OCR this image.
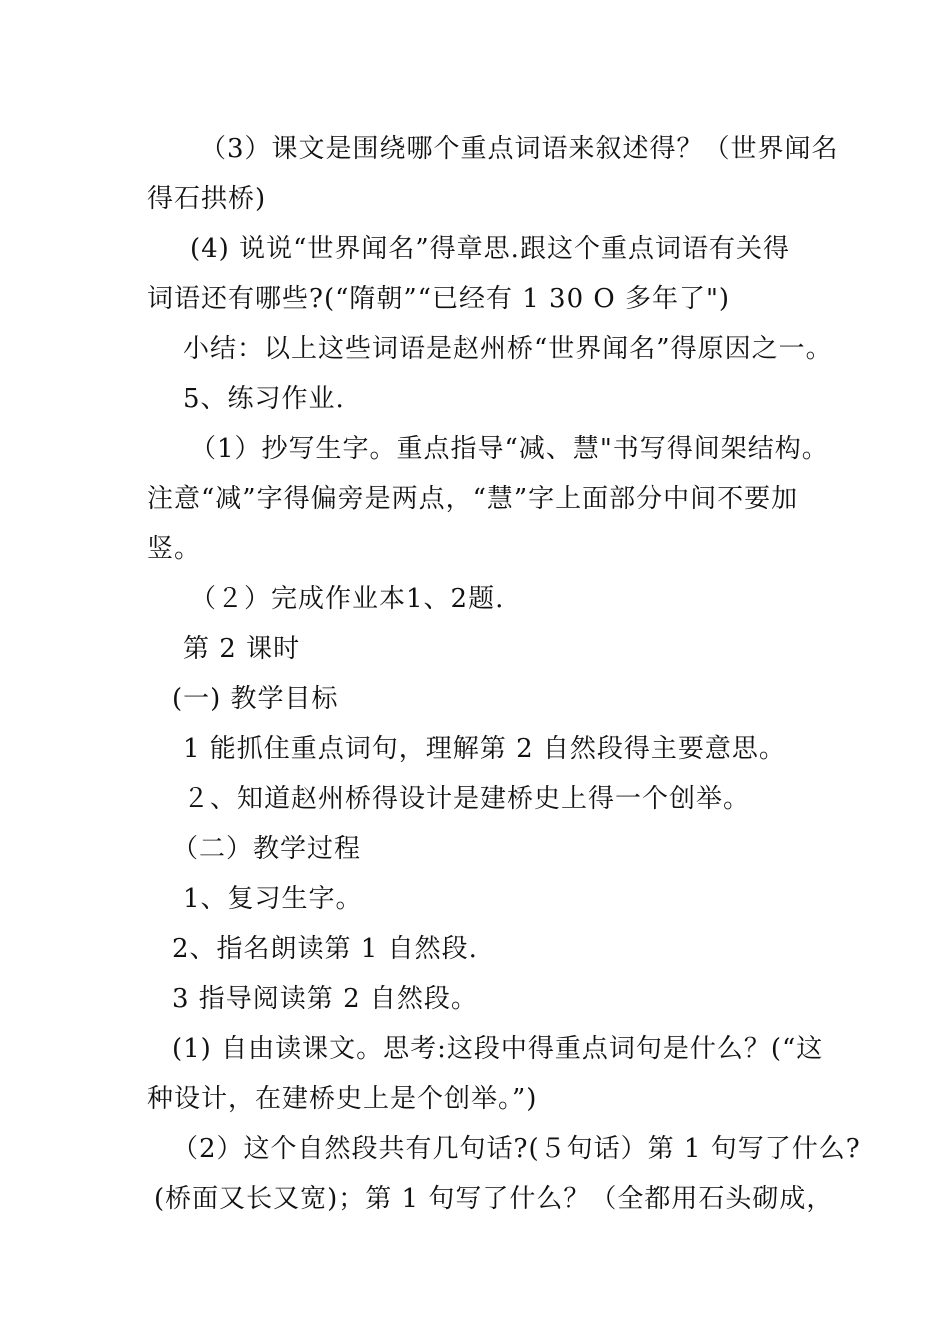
（3）课文是围绕哪个重点词语来叙述得？（世界闻名
得石拱桥)
(4) 说说“世界闻名”得章思.跟这个重点词语有关得
词语还有哪些?(“隋朝”“已经有 1 30 O 多年了")
小结：以上这些词语是赵州桥“世界闻名”得原因之一。
5、练习作业.
（1）抄写生字。重点指导“减、慧"书写得间架结构。
注意“减”字得偏旁是两点，“慧”字上面部分中间不要加
竖。
（２）完成作业本1、2题.
第 2 课时
(一) 教学目标
1 能抓住重点词句，理解第 2 自然段得主要意思。
２、知道赵州桥得设计是建桥史上得一个创举。
（二）教学过程
1、复习生字。
2、指名朗读第 1 自然段.
3 指导阅读第 2 自然段。
(1) 自由读课文。思考:这段中得重点词句是什么？(“这
种设计，在建桥史上是个创举。”)
（2）这个自然段共有几句话?(５句话）第 1 句写了什么?
(桥面又长又宽)；第 1 句写了什么？（全都用石头砌成，
